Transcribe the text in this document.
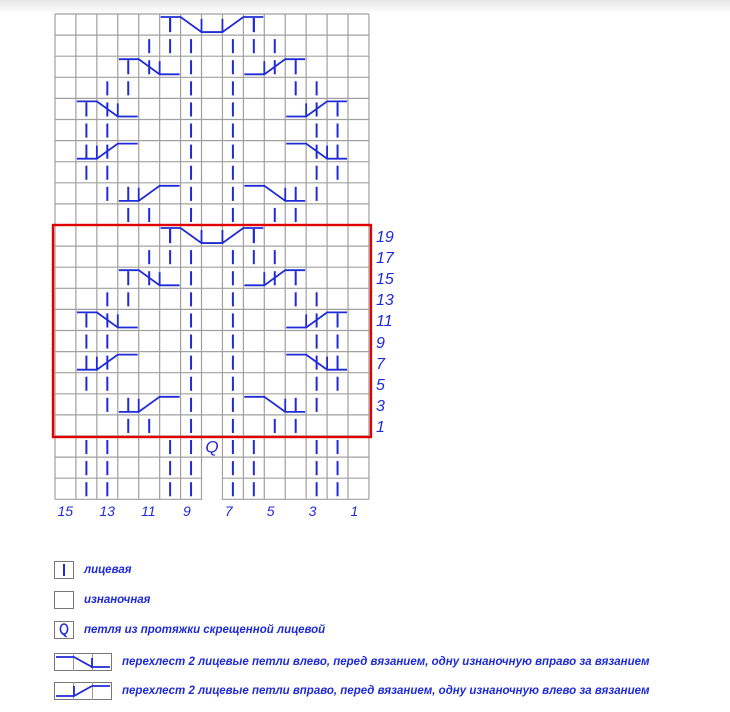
Q
19
17
15
13
11
9
7
5
3
1
15 13 11 9 7 5 3 1
лицевая
изнаночная
петля из протяжки скрещенной лицевой
перехлест 2 лицевые петли влево, перед вязанием, одну изнаночную вправо за вязанием
перехлест 2 лицевые петли вправо, перед вязанием, одну изнаночную влево за вязанием
